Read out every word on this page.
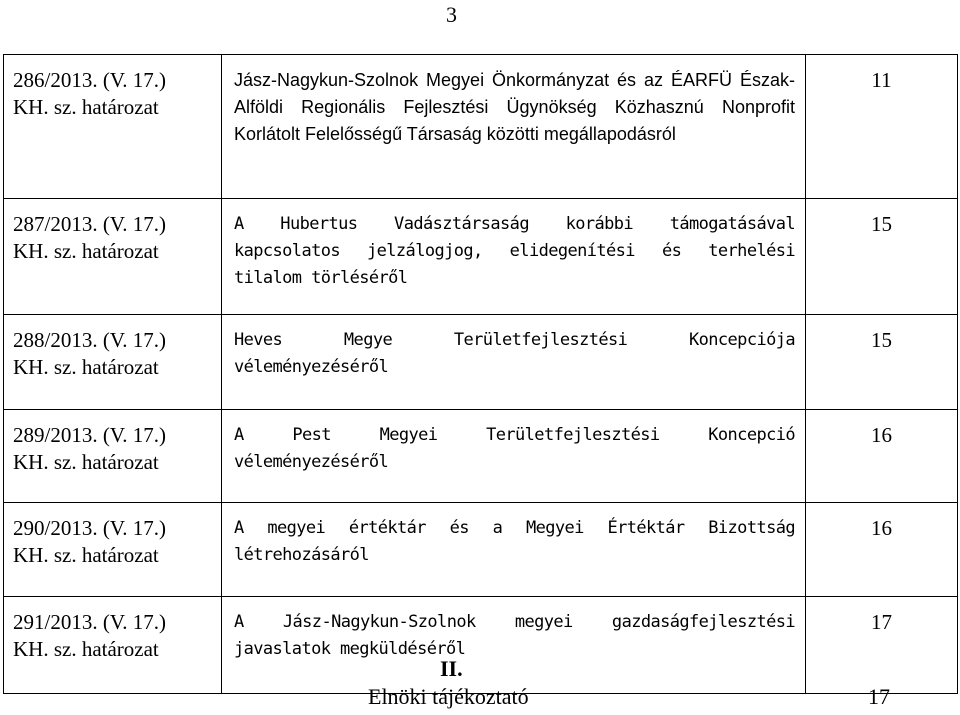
3
286/2013. (V. 17.)
KH. sz. határozat	Jász-Nagykun-Szolnok Megyei Önkormányzat és az ÉARFÜ Észak-Alföldi Regionális Fejlesztési Ügynökség Közhasznú Nonprofit Korlátolt Felelősségű Társaság közötti megállapodásról	11

287/2013. (V. 17.)
KH. sz. határozat	A Hubertus Vadásztársaság korábbi támogatásával kapcsolatos jelzálogjog, elidegenítési és terhelési tilalom törléséről	15

288/2013. (V. 17.)
KH. sz. határozat	Heves Megye Területfejlesztési Koncepciója véleményezéséről	15

289/2013. (V. 17.)
KH. sz. határozat	A Pest Megyei Területfejlesztési Koncepció véleményezéséről	16

290/2013. (V. 17.)
KH. sz. határozat	A megyei értéktár és a Megyei Értéktár Bizottság létrehozásáról	16

291/2013. (V. 17.)
KH. sz. határozat	A Jász-Nagykun-Szolnok megyei gazdaságfejlesztési javaslatok megküldéséről	17
II.
Elnöki tájékoztató	17
